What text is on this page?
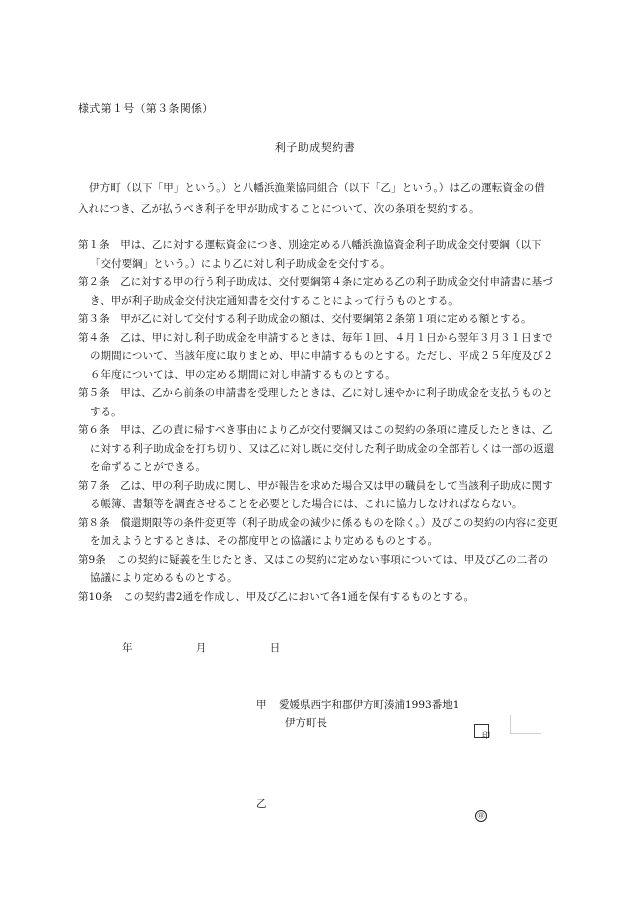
様式第１号（第３条関係）
利子助成契約書
伊方町（以下「甲」という。）と八幡浜漁業協同組合（以下「乙」という。）は乙の運転資金の借入れにつき、乙が払うべき利子を甲が助成することについて、次の条項を契約する。
第１条　甲は、乙に対する運転資金につき、別途定める八幡浜漁協資金利子助成金交付要綱（以下「交付要綱」という。）により乙に対し利子助成金を交付する。
第２条　乙に対する甲の行う利子助成は、交付要綱第４条に定める乙の利子助成金交付申請書に基づき、甲が利子助成金交付決定通知書を交付することによって行うものとする。
第３条　甲が乙に対して交付する利子助成金の額は、交付要綱第２条第１項に定める額とする。
第４条　乙は、甲に対し利子助成金を申請するときは、毎年１回、４月１日から翌年３月３１日までの期間について、当該年度に取りまとめ、甲に申請するものとする。ただし、平成２５年度及び２６年度については、甲の定める期間に対し申請するものとする。
第５条　甲は、乙から前条の申請書を受理したときは、乙に対し速やかに利子助成金を支払うものとする。
第６条　甲は、乙の責に帰すべき事由により乙が交付要綱又はこの契約の条項に違反したときは、乙に対する利子助成金を打ち切り、又は乙に対し既に交付した利子助成金の全部若しくは一部の返還を命ずることができる。
第７条　乙は、甲の利子助成に関し、甲が報告を求めた場合又は甲の職員をして当該利子助成に関する帳簿、書類等を調査させることを必要とした場合には、これに協力しなければならない。
第８条　償還期限等の条件変更等（利子助成金の減少に係るものを除く。）及びこの契約の内容に変更を加えようとするときは、その都度甲との協議により定めるものとする。
第9条　この契約に疑義を生じたとき、又はこの契約に定めない事項については、甲及び乙の二者の協議により定めるものとする。
第10条　この契約書2通を作成し、甲及び乙において各1通を保有するものとする。
年	月	日
甲 愛媛県西宇和郡伊方町湊浦1993番地1
伊方町長
印
乙
㊞
